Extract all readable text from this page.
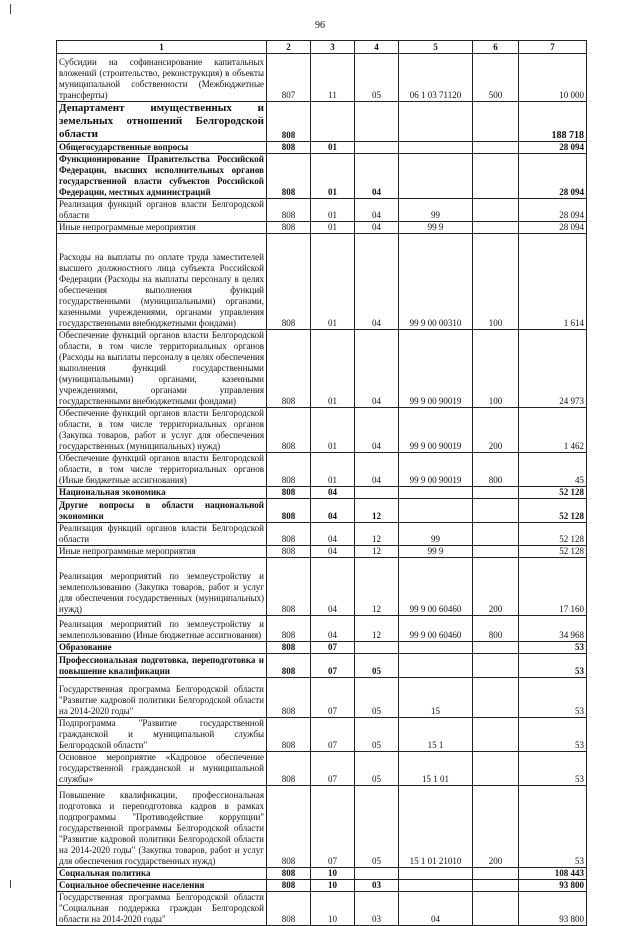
96
1	2	3	4	5	6	7
Субсидии на софинансирование капитальных вложений (строительство, реконструкция) в объекты муниципальной собственности (Межбюджетные трансферты)	807	11	05	06 1 03 71120	500	10 000
Департамент имущественных и земельных отношений Белгородской области	808					188 718
Общегосударственные вопросы	808	01				28 094
Функционирование Правительства Российской Федерации, высших исполнительных органов государственной власти субъектов Российской Федерации, местных администраций	808	01	04			28 094
Реализация функций органов власти Белгородской области	808	01	04	99		28 094
Иные непрограммные мероприятия	808	01	04	99 9		28 094
Расходы на выплаты по оплате труда заместителей высшего должностного лица субъекта Российской Федерации (Расходы на выплаты персоналу в целях обеспечения выполнения функций государственными (муниципальными) органами, казенными учреждениями, органами управления государственными внебюджетными фондами)	808	01	04	99 9 00 00310	100	1 614
Обеспечение функций органов власти Белгородской области, в том числе территориальных органов (Расходы на выплаты персоналу в целях обеспечения выполнения функций государственными (муниципальными) органами, казенными учреждениями, органами управления государственными внебюджетными фондами)	808	01	04	99 9 00 90019	100	24 973
Обеспечение функций органов власти Белгородской области, в том числе территориальных органов (Закупка товаров, работ и услуг для обеспечения государственных (муниципальных) нужд)	808	01	04	99 9 00 90019	200	1 462
Обеспечение функций органов власти Белгородской области, в том числе территориальных органов (Иные бюджетные ассигнования)	808	01	04	99 9 00 90019	800	45
Национальная экономика	808	04				52 128
Другие вопросы в области национальной экономики	808	04	12			52 128
Реализация функций органов власти Белгородской области	808	04	12	99		52 128
Иные непрограммные мероприятия	808	04	12	99 9		52 128
Реализация мероприятий по землеустройству и землепользованию (Закупка товаров, работ и услуг для обеспечения государственных (муниципальных) нужд)	808	04	12	99 9 00 60460	200	17 160
Реализация мероприятий по землеустройству и землепользованию (Иные бюджетные ассигнования)	808	04	12	99 9 00 60460	800	34 968
Образование	808	07				53
Профессиональная подготовка, переподготовка и повышение квалификации	808	07	05			53
Государственная программа Белгородской области "Развитие кадровой политики Белгородской области на 2014-2020 годы"	808	07	05	15		53
Подпрограмма "Развитие государственной гражданской и муниципальной службы Белгородской области"	808	07	05	15 1		53
Основное мероприятие «Кадровое обеспечение государственной гражданской и муниципальной службы»	808	07	05	15 1 01		53
Повышение квалификации, профессиональная подготовка и переподготовка кадров в рамках подпрограммы "Противодействие коррупции" государственной программы Белгородской области "Развитие кадровой политики Белгородской области на 2014-2020 годы" (Закупка товаров, работ и услуг для обеспечения государственных нужд)	808	07	05	15 1 01 21010	200	53
Социальная политика	808	10				108 443
Социальное обеспечение населения	808	10	03			93 800
Государственная программа Белгородской области "Социальная поддержка граждан Белгородской области на 2014-2020 годы"	808	10	03	04		93 800
